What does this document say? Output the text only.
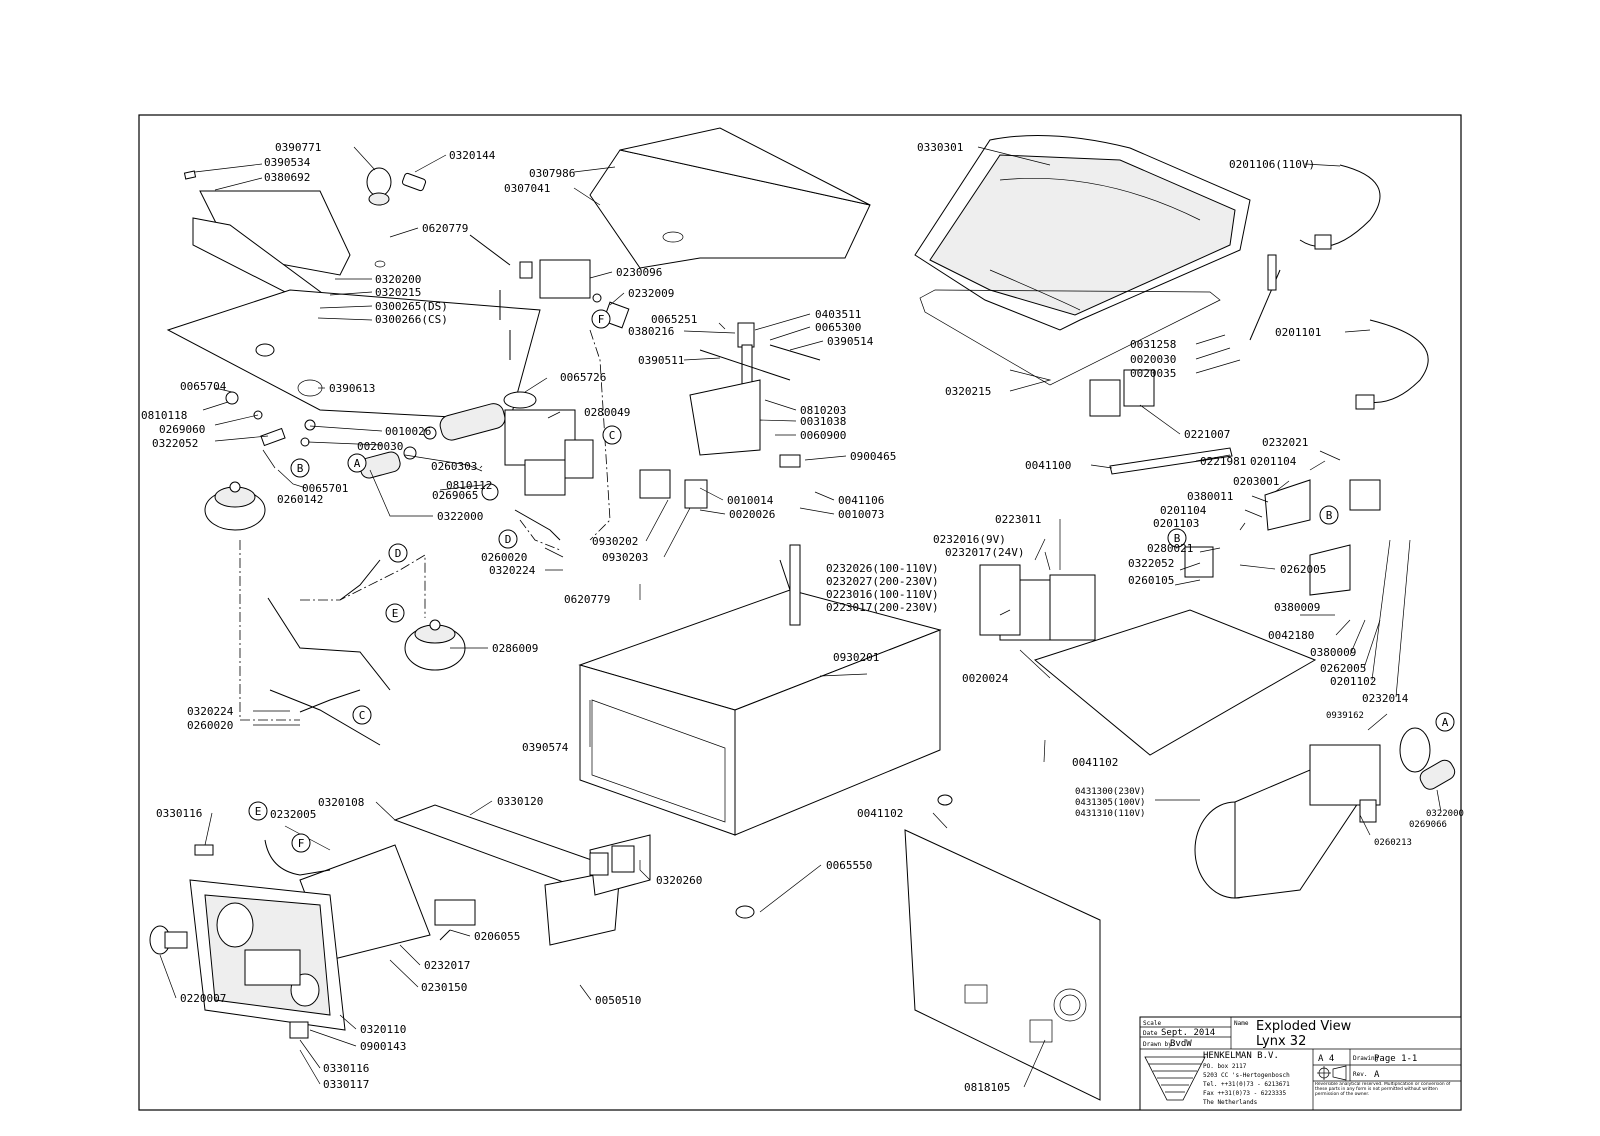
A
A
B
B
B
C
C
D
D
E
E
F
F
0390771
0390534
0380692
0320144
0620779
0320200
0320215
0300265(DS)
0300266(CS)
0065704	0390613
0810118
0269060
0322052
0010026
0020030
0065701
0260142
0322000
0269065
0810112
0260303
0065726
0280049
0230096
0232009
0307986
0307041
0065251	0403511
0065300
0380216
0390514
0390511
0810203
0031038
0060900
0900465
0010014	0041106
0010073
0020026
0930202
0930203
0260020
0320224
0286009
0320224
0260020
0330301
0201106(110V)
0201101
0031258
0020030
0020035
0320215
0221007
0041100	0221981
0232021
0201104
0203001
0380011
0201104
0201103
0223011
0232016(9V)
0232017(24V)	0280021
0322052
0260105
0262005
0232026(100-110V)
0232027(200-230V)
0223016(100-110V)
0223017(200-230V)
0620779
0930201
0380009
0042180
0380009
0262005
0201102
0020024
0232014
0939162
0390574
0041102
0431300(230V)
0431305(100V)
0431310(110V)	0322000
0269066
0260213
0330116	0232005
0320108	0330120
0041102
0065550
0320260
0206055
0232017
0230150
0050510
0220007
0320110
0900143
0330116
0330117	0818105
Scale
Date Sept. 2014
Drawn by:
BvdW
Name Exploded View
Lynx 32
HENKELMAN B.V.
PO. box 2117
5203 CC 's-Hertogenbosch
Tel. ++31(0)73 - 6213671
Fax ++31(0)73 - 6223335
The Netherlands
A 4	Drawing
Page 1-1
Rev. A
Reversible analytical reserved. Multiplication or conversion of these parts in any form is not permitted without written permission of the owner.
